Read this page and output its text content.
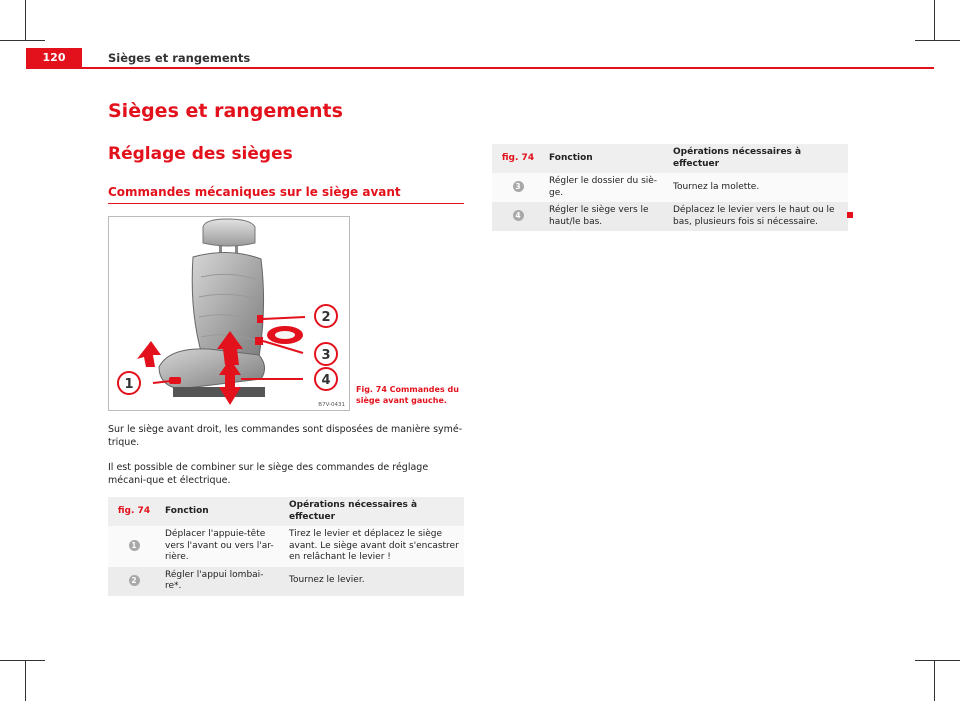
120	Sièges et rangements
Sièges et rangements
Réglage des sièges
Commandes mécaniques sur le siège avant
1
2
3
4
B7V-0431
Fig. 74 Commandes du siège avant gauche.
Sur le siège avant droit, les commandes sont disposées de manière symé-trique.
Il est possible de combiner sur le siège des commandes de réglage mécani-que et électrique.
fig. 74	Fonction	Opérations nécessaires à effectuer
1	Déplacer l'appuie-tête vers l'avant ou vers l'ar-rière.	Tirez le levier et déplacez le siège avant. Le siège avant doit s'encastrer en relâchant le levier !
2	Régler l'appui lombai-re*.	Tournez le levier.
fig. 74	Fonction	Opérations nécessaires à effectuer
3	Régler le dossier du siè-ge.	Tournez la molette.
4	Régler le siège vers le haut/le bas.	Déplacez le levier vers le haut ou le bas, plusieurs fois si nécessaire.
